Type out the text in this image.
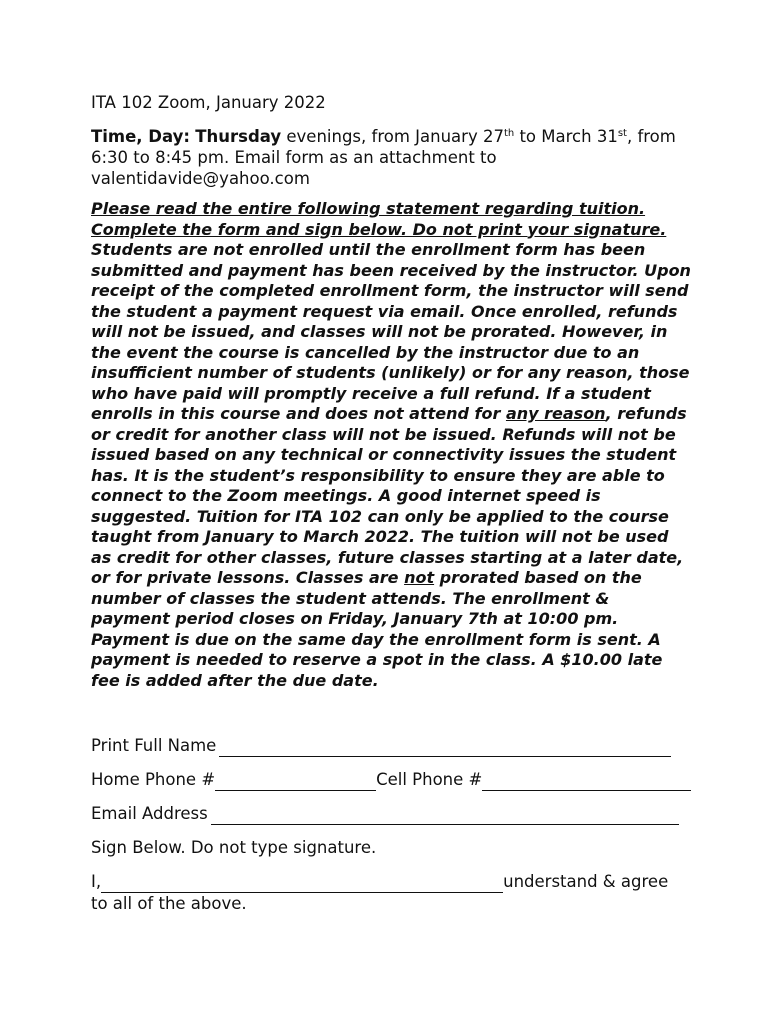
ITA 102 Zoom, January 2022
Time, Day: Thursday evenings, from January 27th to March 31st, from 6:30 to 8:45 pm. Email form as an attachment to valentidavide@yahoo.com

Please read the entire following statement regarding tuition. Complete the form and sign below. Do not print your signature. Students are not enrolled until the enrollment form has been submitted and payment has been received by the instructor. Upon receipt of the completed enrollment form, the instructor will send the student a payment request via email. Once enrolled, refunds will not be issued, and classes will not be prorated. However, in the event the course is cancelled by the instructor due to an insufficient number of students (unlikely) or for any reason, those who have paid will promptly receive a full refund. If a student enrolls in this course and does not attend for any reason, refunds or credit for another class will not be issued. Refunds will not be issued based on any technical or connectivity issues the student has. It is the student’s responsibility to ensure they are able to connect to the Zoom meetings. A good internet speed is suggested. Tuition for ITA 102 can only be applied to the course taught from January to March 2022. The tuition will not be used as credit for other classes, future classes starting at a later date, or for private lessons. Classes are not prorated based on the number of classes the student attends. The enrollment & payment period closes on Friday, January 7th at 10:00 pm. Payment is due on the same day the enrollment form is sent. A payment is needed to reserve a spot in the class. A $10.00 late fee is added after the due date.

Print Full Name
Home Phone #	Cell Phone #
Email Address
Sign Below. Do not type signature.
I,	understand & agree
to all of the above.
